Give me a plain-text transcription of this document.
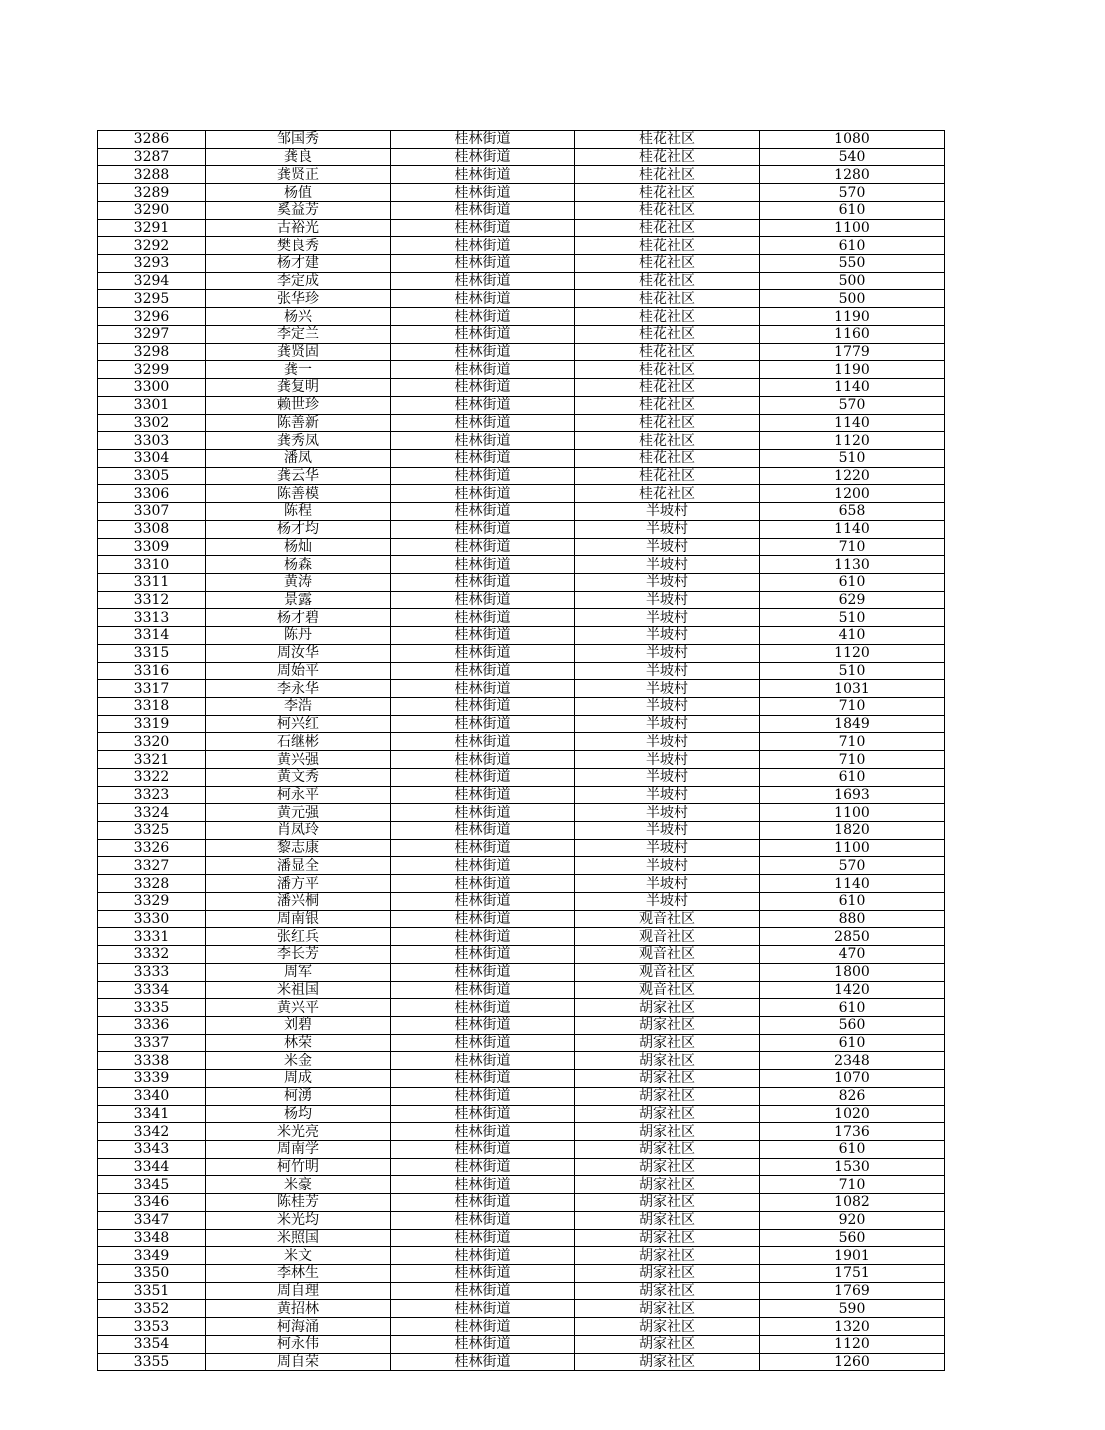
3286	邹国秀	桂林街道	桂花社区	1080
3287	龚良	桂林街道	桂花社区	540
3288	龚贤正	桂林街道	桂花社区	1280
3289	杨值	桂林街道	桂花社区	570
3290	奚益芳	桂林街道	桂花社区	610
3291	古裕光	桂林街道	桂花社区	1100
3292	樊良秀	桂林街道	桂花社区	610
3293	杨才建	桂林街道	桂花社区	550
3294	李定成	桂林街道	桂花社区	500
3295	张华珍	桂林街道	桂花社区	500
3296	杨兴	桂林街道	桂花社区	1190
3297	李定兰	桂林街道	桂花社区	1160
3298	龚贤固	桂林街道	桂花社区	1779
3299	龚一	桂林街道	桂花社区	1190
3300	龚复明	桂林街道	桂花社区	1140
3301	赖世珍	桂林街道	桂花社区	570
3302	陈善新	桂林街道	桂花社区	1140
3303	龚秀凤	桂林街道	桂花社区	1120
3304	潘凤	桂林街道	桂花社区	510
3305	龚云华	桂林街道	桂花社区	1220
3306	陈善模	桂林街道	桂花社区	1200
3307	陈程	桂林街道	半坡村	658
3308	杨才均	桂林街道	半坡村	1140
3309	杨灿	桂林街道	半坡村	710
3310	杨森	桂林街道	半坡村	1130
3311	黄涛	桂林街道	半坡村	610
3312	景露	桂林街道	半坡村	629
3313	杨才碧	桂林街道	半坡村	510
3314	陈丹	桂林街道	半坡村	410
3315	周汝华	桂林街道	半坡村	1120
3316	周始平	桂林街道	半坡村	510
3317	李永华	桂林街道	半坡村	1031
3318	李浩	桂林街道	半坡村	710
3319	柯兴红	桂林街道	半坡村	1849
3320	石继彬	桂林街道	半坡村	710
3321	黄兴强	桂林街道	半坡村	710
3322	黄文秀	桂林街道	半坡村	610
3323	柯永平	桂林街道	半坡村	1693
3324	黄元强	桂林街道	半坡村	1100
3325	肖凤玲	桂林街道	半坡村	1820
3326	黎志康	桂林街道	半坡村	1100
3327	潘显全	桂林街道	半坡村	570
3328	潘方平	桂林街道	半坡村	1140
3329	潘兴桐	桂林街道	半坡村	610
3330	周南银	桂林街道	观音社区	880
3331	张红兵	桂林街道	观音社区	2850
3332	李长芳	桂林街道	观音社区	470
3333	周军	桂林街道	观音社区	1800
3334	米祖国	桂林街道	观音社区	1420
3335	黄兴平	桂林街道	胡家社区	610
3336	刘碧	桂林街道	胡家社区	560
3337	林荣	桂林街道	胡家社区	610
3338	米金	桂林街道	胡家社区	2348
3339	周成	桂林街道	胡家社区	1070
3340	柯湧	桂林街道	胡家社区	826
3341	杨均	桂林街道	胡家社区	1020
3342	米光亮	桂林街道	胡家社区	1736
3343	周南学	桂林街道	胡家社区	610
3344	柯竹明	桂林街道	胡家社区	1530
3345	米豪	桂林街道	胡家社区	710
3346	陈桂芳	桂林街道	胡家社区	1082
3347	米光均	桂林街道	胡家社区	920
3348	米照国	桂林街道	胡家社区	560
3349	米文	桂林街道	胡家社区	1901
3350	李林生	桂林街道	胡家社区	1751
3351	周自理	桂林街道	胡家社区	1769
3352	黄招林	桂林街道	胡家社区	590
3353	柯海涌	桂林街道	胡家社区	1320
3354	柯永伟	桂林街道	胡家社区	1120
3355	周自荣	桂林街道	胡家社区	1260
